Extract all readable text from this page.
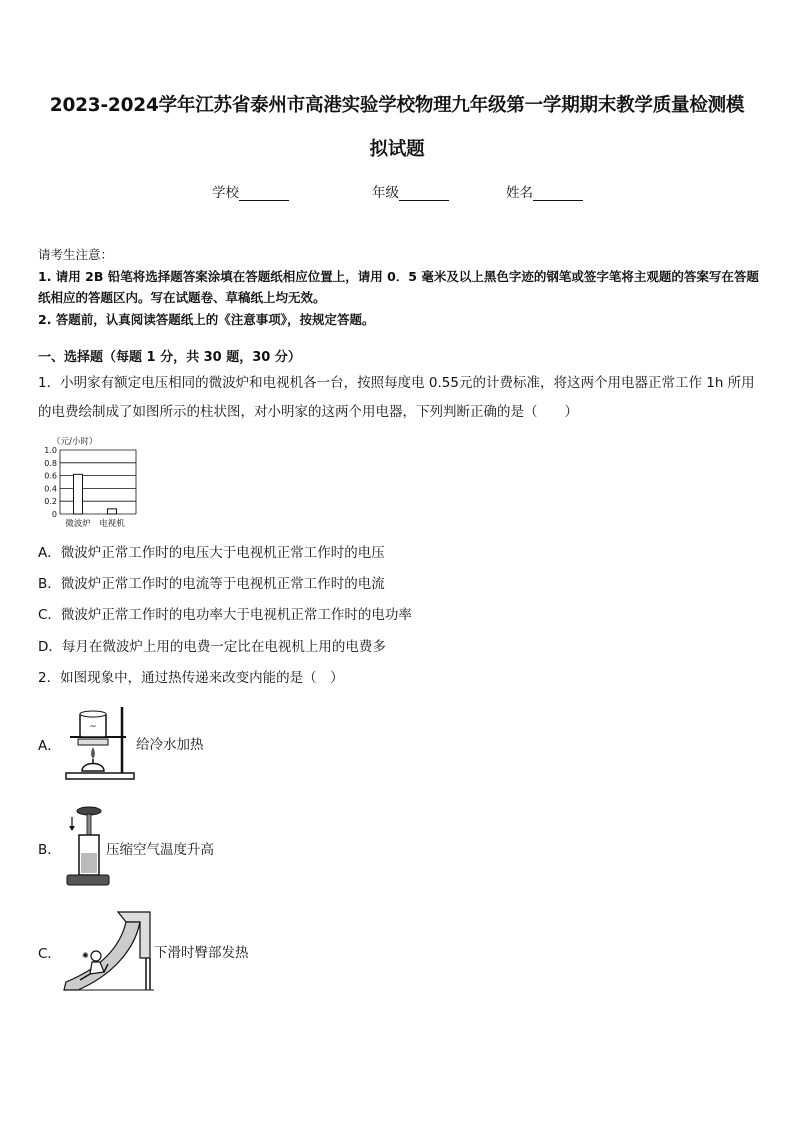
2023-2024学年江苏省泰州市高港实验学校物理九年级第一学期期末教学质量检测模
拟试题
学校	年级	姓名
请考生注意：
1. 请用 2B 铅笔将选择题答案涂填在答题纸相应位置上，请用 0．5 毫米及以上黑色字迹的钢笔或签字笔将主观题的答案写在答题纸相应的答题区内。写在试题卷、草稿纸上均无效。
2. 答题前，认真阅读答题纸上的《注意事项》，按规定答题。
一、选择题（每题 1 分，共 30 题，30 分）
1．小明家有额定电压相同的微波炉和电视机各一台，按照每度电 0.55元的计费标准，将这两个用电器正常工作 1h 所用的电费绘制成了如图所示的柱状图，对小明家的这两个用电器，下列判断正确的是（　　）
（元/小时）
1.0
0.8
0.6
0.4
0.2
0
微波炉 电视机
A．微波炉正常工作时的电压大于电视机正常工作时的电压
B．微波炉正常工作时的电流等于电视机正常工作时的电流
C．微波炉正常工作时的电功率大于电视机正常工作时的电功率
D．每月在微波炉上用的电费一定比在电视机上用的电费多
2．如图现象中，通过热传递来改变内能的是（　）
A．
~
给冷水加热
B．	压缩空气温度升高
C．	✺	下滑时臀部发热
